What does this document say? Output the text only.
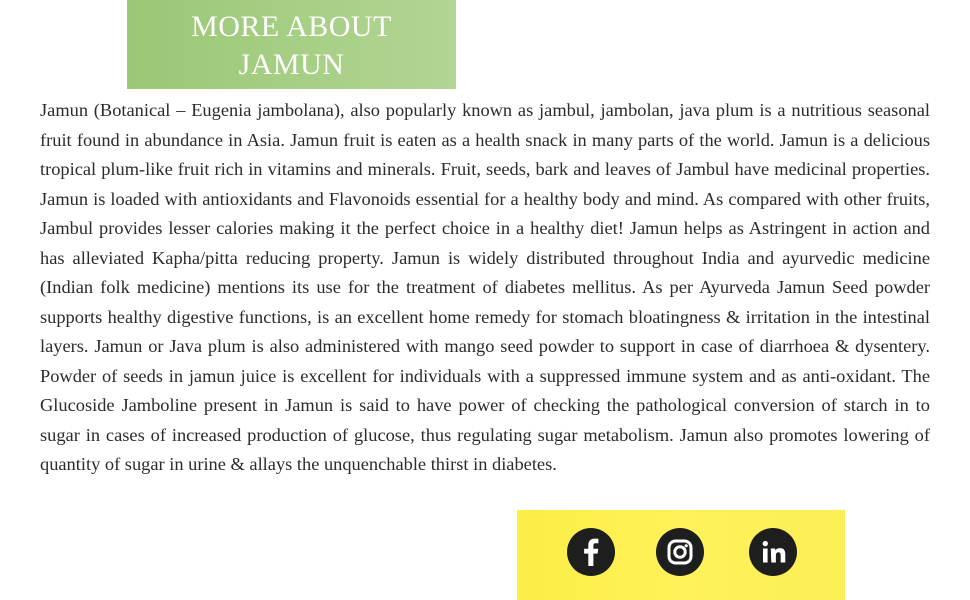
MORE ABOUT JAMUN

Jamun (Botanical – Eugenia jambolana), also popularly known as jambul, jambolan, java plum is a nutritious seasonal fruit found in abundance in Asia. Jamun fruit is eaten as a health snack in many parts of the world. Jamun is a delicious tropical plum-like fruit rich in vitamins and minerals. Fruit, seeds, bark and leaves of Jambul have medicinal properties. Jamun is loaded with antioxidants and Flavonoids essential for a healthy body and mind. As compared with other fruits, Jambul provides lesser calories making it the perfect choice in a healthy diet! Jamun helps as Astringent in action and has alleviated Kapha/pitta reducing property. Jamun is widely distributed throughout India and ayurvedic medicine (Indian folk medicine) mentions its use for the treatment of diabetes mellitus. As per Ayurveda Jamun Seed powder supports healthy digestive functions, is an excellent home remedy for stomach bloatingness & irritation in the intestinal layers. Jamun or Java plum is also administered with mango seed powder to support in case of diarrhoea & dysentery. Powder of seeds in jamun juice is excellent for individuals with a suppressed immune system and as anti-oxidant. The Glucoside Jamboline present in Jamun is said to have power of checking the pathological conversion of starch in to sugar in cases of increased production of glucose, thus regulating sugar metabolism. Jamun also promotes lowering of quantity of sugar in urine & allays the unquenchable thirst in diabetes.
